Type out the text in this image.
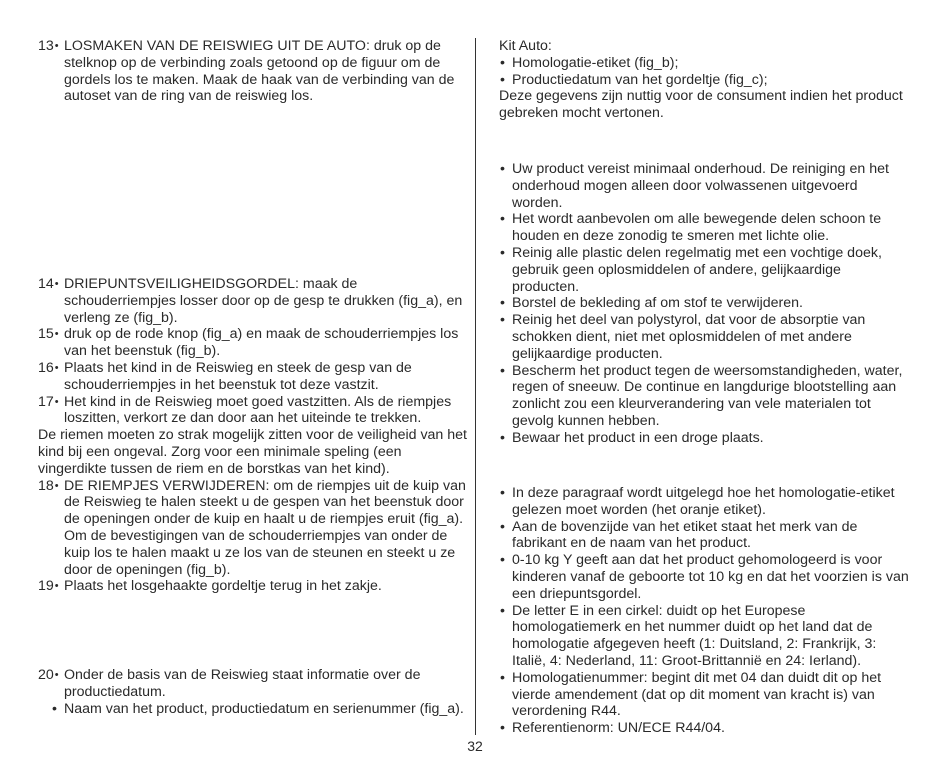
13• LOSMAKEN VAN DE REISWIEG UIT DE AUTO: druk op de stelknop op de verbinding zoals getoond op de figuur om de gordels los te maken. Maak de haak van de verbinding van de autoset van de ring van de reiswieg los.

14• DRIEPUNTSVEILIGHEIDSGORDEL: maak de schouderriempjes losser door op de gesp te drukken (fig_a), en verleng ze (fig_b).

15• druk op de rode knop (fig_a) en maak de schouderriempjes los van het beenstuk (fig_b).

16• Plaats het kind in de Reiswieg en steek de gesp van de schouderriempjes in het beenstuk tot deze vastzit.

17• Het kind in de Reiswieg moet goed vastzitten. Als de riempjes loszitten, verkort ze dan door aan het uiteinde te trekken.

De riemen moeten zo strak mogelijk zitten voor de veiligheid van het kind bij een ongeval. Zorg voor een minimale speling (een vingerdikte tussen de riem en de borstkas van het kind).

18• DE RIEMPJES VERWIJDEREN: om de riempjes uit de kuip van de Reiswieg te halen steekt u de gespen van het beenstuk door de openingen onder de kuip en haalt u de riempjes eruit (fig_a). Om de bevestigingen van de schouderriempjes van onder de kuip los te halen maakt u ze los van de steunen en steekt u ze door de openingen (fig_b).

19• Plaats het losgehaakte gordeltje terug in het zakje.

20• Onder de basis van de Reiswieg staat informatie over de productiedatum.

• Naam van het product, productiedatum en serienummer (fig_a).

Kit Auto:

• Homologatie-etiket (fig_b);

• Productiedatum van het gordeltje (fig_c);

Deze gegevens zijn nuttig voor de consument indien het product gebreken mocht vertonen.

• Uw product vereist minimaal onderhoud. De reiniging en het onderhoud mogen alleen door volwassenen uitgevoerd worden.

• Het wordt aanbevolen om alle bewegende delen schoon te houden en deze zonodig te smeren met lichte olie.

• Reinig alle plastic delen regelmatig met een vochtige doek, gebruik geen oplosmiddelen of andere, gelijkaardige producten.

• Borstel de bekleding af om stof te verwijderen.

• Reinig het deel van polystyrol, dat voor de absorptie van schokken dient, niet met oplosmiddelen of met andere gelijkaardige producten.

• Bescherm het product tegen de weersomstandigheden, water, regen of sneeuw. De continue en langdurige blootstelling aan zonlicht zou een kleurverandering van vele materialen tot gevolg kunnen hebben.

• Bewaar het product in een droge plaats.

• In deze paragraaf wordt uitgelegd hoe het homologatie-etiket gelezen moet worden (het oranje etiket).

• Aan de bovenzijde van het etiket staat het merk van de fabrikant en de naam van het product.

• 0-10 kg Y geeft aan dat het product gehomologeerd is voor kinderen vanaf de geboorte tot 10 kg en dat het voorzien is van een driepuntsgordel.

• De letter E in een cirkel: duidt op het Europese homologatiemerk en het nummer duidt op het land dat de homologatie afgegeven heeft (1: Duitsland, 2: Frankrijk, 3: Italië, 4: Nederland, 11: Groot-Brittannië en 24: Ierland).

• Homologatienummer: begint dit met 04 dan duidt dit op het vierde amendement (dat op dit moment van kracht is) van verordening R44.

• Referentienorm: UN/ECE R44/04.

32
